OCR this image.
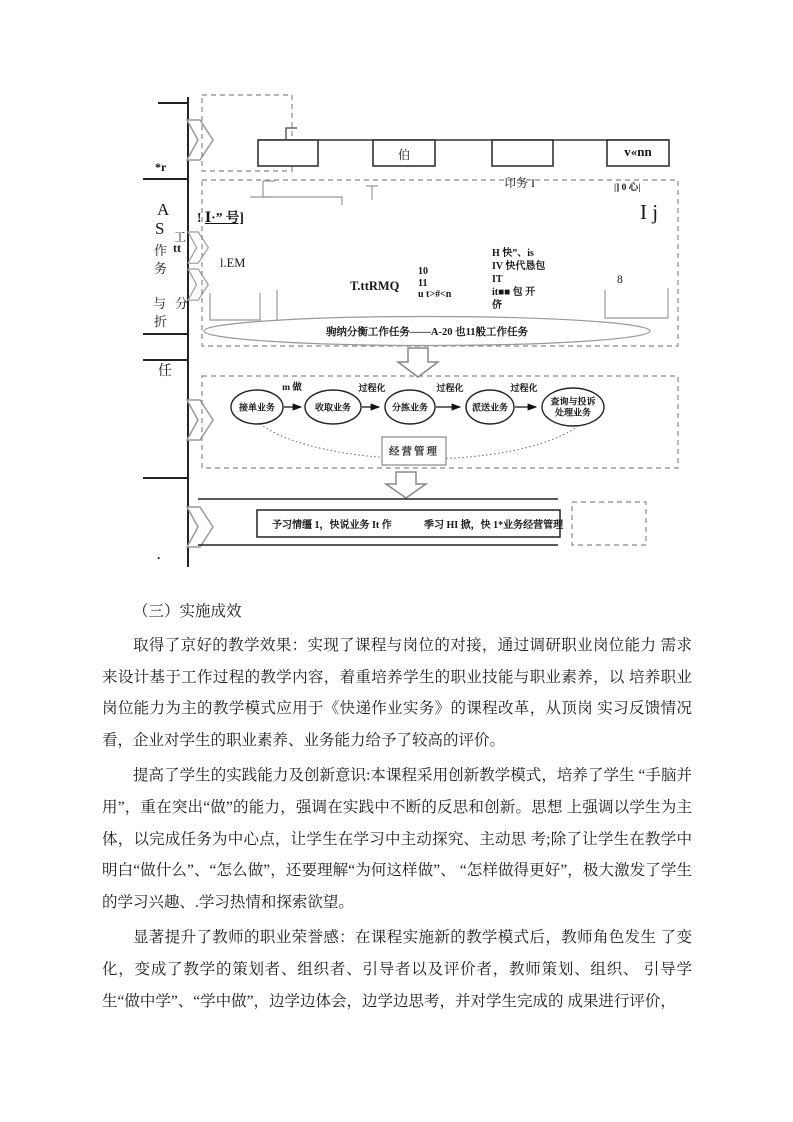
*r
A
S 工
tt
作
务
与 分
折
任
.
伯	v«nn
卬务 I	|] 0 心|
I j
! Ⅰ·” 号]
l.EM
T.ttRMQ
10
11
u t>#<n
H 快”、is
IV 快代恳包
IT
it■■ 包 开
侪
8
驹纳分衡工作任务——A-20 也11般工作任务
m 做	过程化	过程化	过程化
接单业务	收取业务	分拣业务	派送业务
查询与投诉
处理业务
经营管理
予习情缰 1，快说业务 It 作	季习 HI 掀，快 1*业务经营管理
（三）实施成效

取得了京好的教学效果：实现了课程与岗位的对接，通过调研职业岗位能力 需求来设计基于工作过程的教学内容，着重培养学生的职业技能与职业素养，以 培养职业岗位能力为主的教学模式应用于《快递作业实务》的课程改革，从顶岗 实习反馈情况看，企业对学生的职业素养、业务能力给予了较高的评价。

提高了学生的实践能力及创新意识:本课程采用创新教学模式，培养了学生 “手脑并用”，重在突出“做”的能力，强调在实践中不断的反思和创新。思想 上强调以学生为主体，以完成任务为中心点，让学生在学习中主动探究、主动思 考;除了让学生在教学中明白“做什么”、“怎么做”，还要理解“为何这样做”、 “怎样做得更好”，极大激发了学生的学习兴趣、.学习热情和探索欲望。

显著提升了教师的职业荣誉感：在课程实施新的教学模式后，教师角色发生 了变化，变成了教学的策划者、组织者、引导者以及评价者，教师策划、组织、 引导学生“做中学”、“学中做”，边学边体会，边学边思考，并对学生完成的 成果进行评价，
